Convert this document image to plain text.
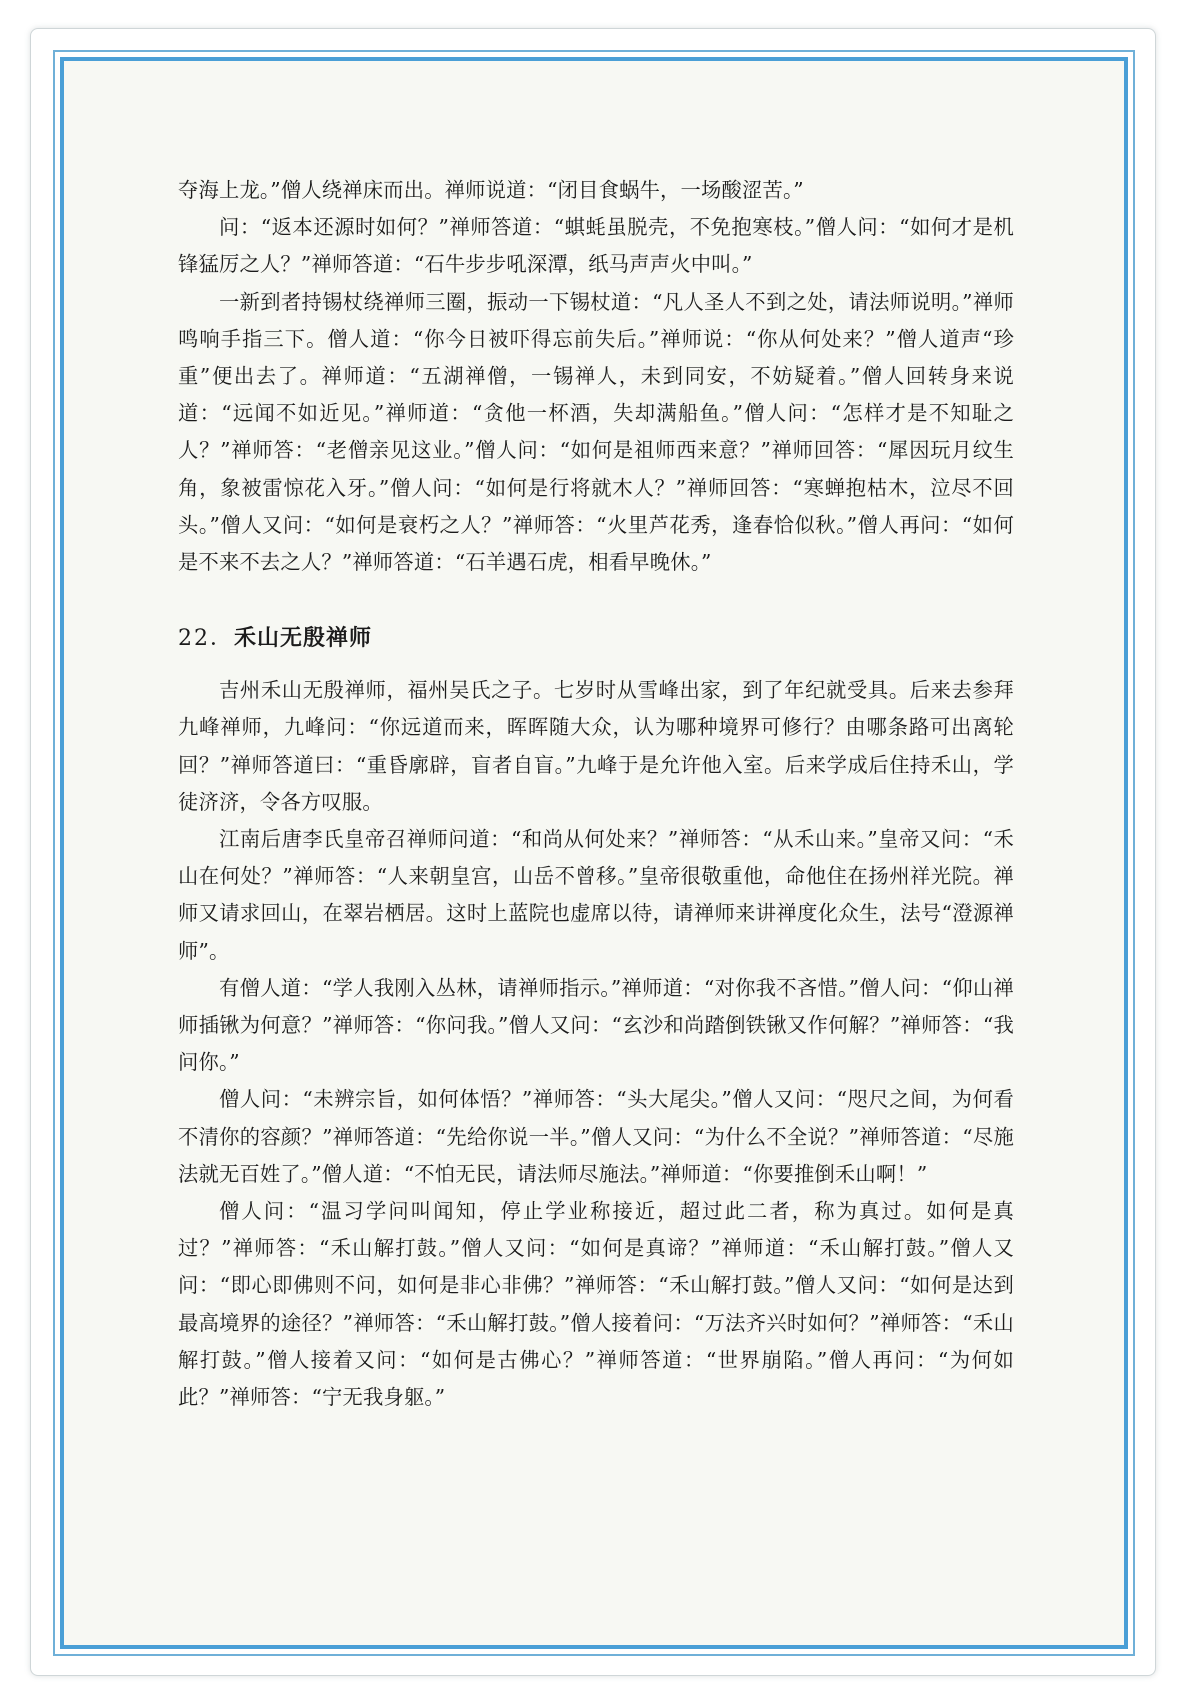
夺海上龙。”僧人绕禅床而出。禅师说道：“闭目食蜗牛，一场酸涩苦。”

问：“返本还源时如何？”禅师答道：“蜞蚝虽脱壳，不免抱寒枝。”僧人问：“如何才是机锋猛厉之人？”禅师答道：“石牛步步吼深潭，纸马声声火中叫。”

一新到者持锡杖绕禅师三圈，振动一下锡杖道：“凡人圣人不到之处，请法师说明。”禅师鸣响手指三下。僧人道：“你今日被吓得忘前失后。”禅师说：“你从何处来？”僧人道声“珍重”便出去了。禅师道：“五湖禅僧，一锡禅人，未到同安，不妨疑着。”僧人回转身来说道：“远闻不如近见。”禅师道：“贪他一杯酒，失却满船鱼。”僧人问：“怎样才是不知耻之人？”禅师答：“老僧亲见这业。”僧人问：“如何是祖师西来意？”禅师回答：“犀因玩月纹生角，象被雷惊花入牙。”僧人问：“如何是行将就木人？”禅师回答：“寒蝉抱枯木，泣尽不回头。”僧人又问：“如何是衰朽之人？”禅师答：“火里芦花秀，逢春恰似秋。”僧人再问：“如何是不来不去之人？”禅师答道：“石羊遇石虎，相看早晚休。”

22．禾山无殷禅师

吉州禾山无殷禅师，福州吴氏之子。七岁时从雪峰出家，到了年纪就受具。后来去参拜九峰禅师，九峰问：“你远道而来，晖晖随大众，认为哪种境界可修行？由哪条路可出离轮回？”禅师答道曰：“重昏廓辟，盲者自盲。”九峰于是允许他入室。后来学成后住持禾山，学徒济济，令各方叹服。

江南后唐李氏皇帝召禅师问道：“和尚从何处来？”禅师答：“从禾山来。”皇帝又问：“禾山在何处？”禅师答：“人来朝皇宫，山岳不曾移。”皇帝很敬重他，命他住在扬州祥光院。禅师又请求回山，在翠岩栖居。这时上蓝院也虚席以待，请禅师来讲禅度化众生，法号“澄源禅师”。

有僧人道：“学人我刚入丛林，请禅师指示。”禅师道：“对你我不吝惜。”僧人问：“仰山禅师插锹为何意？”禅师答：“你问我。”僧人又问：“玄沙和尚踏倒铁锹又作何解？”禅师答：“我问你。”

僧人问：“未辨宗旨，如何体悟？”禅师答：“头大尾尖。”僧人又问：“咫尺之间，为何看不清你的容颜？”禅师答道：“先给你说一半。”僧人又问：“为什么不全说？”禅师答道：“尽施法就无百姓了。”僧人道：“不怕无民，请法师尽施法。”禅师道：“你要推倒禾山啊！”

僧人问：“温习学问叫闻知，停止学业称接近，超过此二者，称为真过。如何是真过？”禅师答：“禾山解打鼓。”僧人又问：“如何是真谛？”禅师道：“禾山解打鼓。”僧人又问：“即心即佛则不问，如何是非心非佛？”禅师答：“禾山解打鼓。”僧人又问：“如何是达到最高境界的途径？”禅师答：“禾山解打鼓。”僧人接着问：“万法齐兴时如何？”禅师答：“禾山解打鼓。”僧人接着又问：“如何是古佛心？”禅师答道：“世界崩陷。”僧人再问：“为何如此？”禅师答：“宁无我身躯。”
